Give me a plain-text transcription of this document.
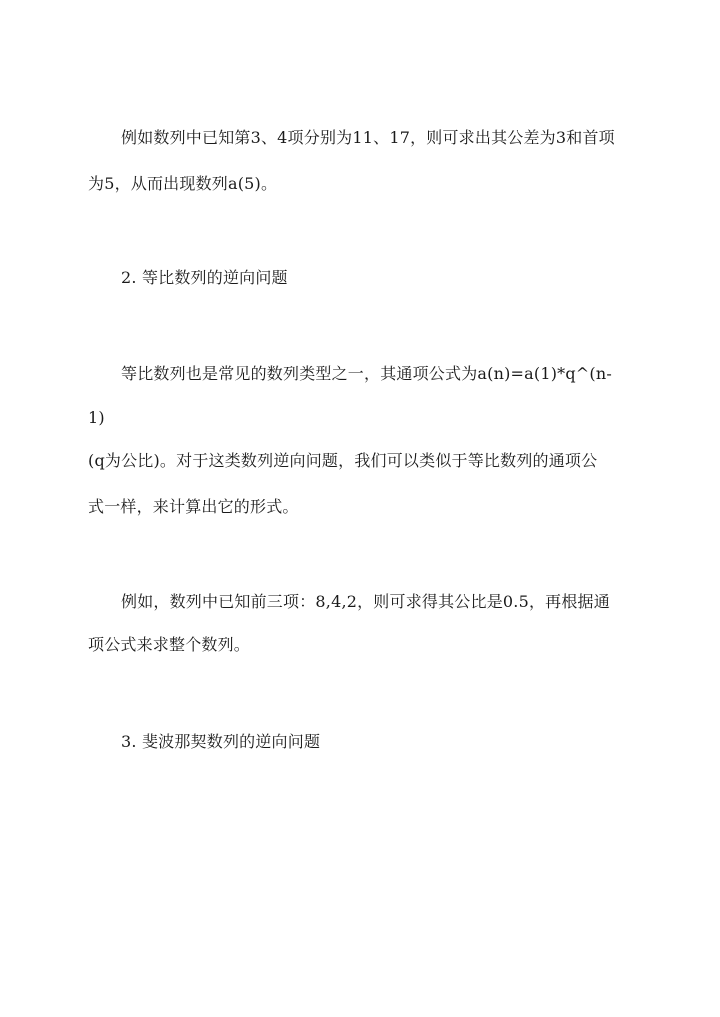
例如数列中已知第3、4项分别为11、17，则可求出其公差为3和首项
为5，从而出现数列a(5)。
2. 等比数列的逆向问题
等比数列也是常见的数列类型之一，其通项公式为a(n)=a(1)*q^(n-
1)
(q为公比)。对于这类数列逆向问题，我们可以类似于等比数列的通项公
式一样，来计算出它的形式。
例如，数列中已知前三项：8,4,2，则可求得其公比是0.5，再根据通
项公式来求整个数列。
3. 斐波那契数列的逆向问题
